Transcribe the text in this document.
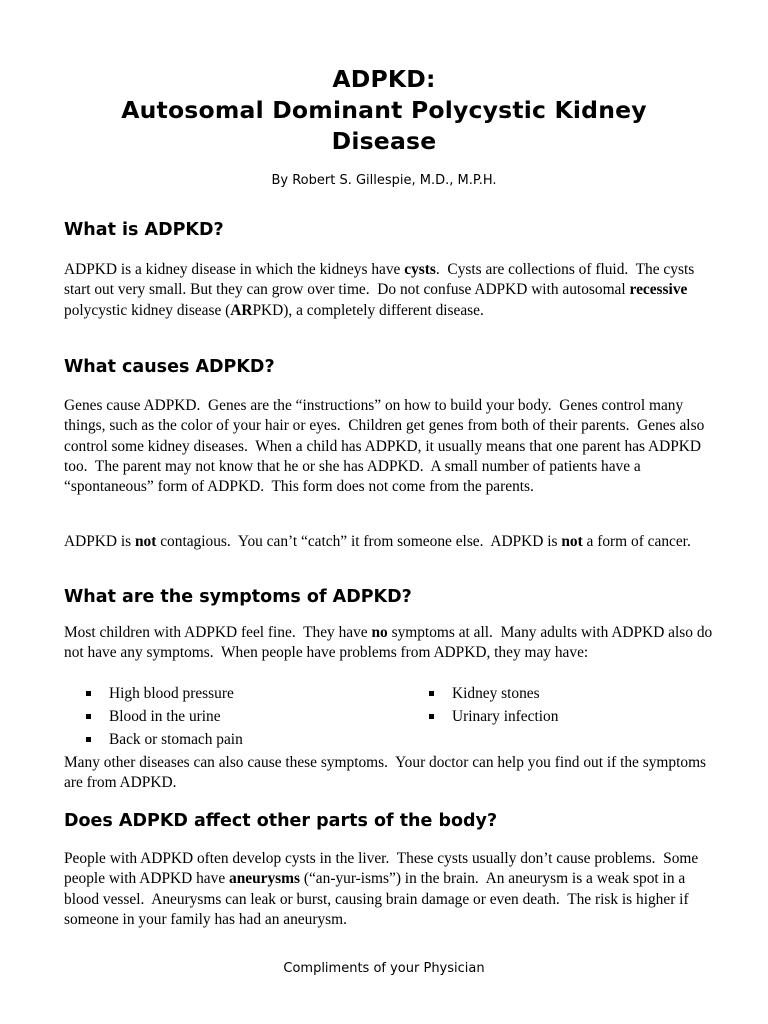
ADPKD:

Autosomal Dominant Polycystic Kidney

Disease

By Robert S. Gillespie, M.D., M.P.H.
What is ADPKD?

ADPKD is a kidney disease in which the kidneys have cysts.  Cysts are collections of fluid.  The cysts start out very small. But they can grow over time.  Do not confuse ADPKD with autosomal recessive polycystic kidney disease (ARPKD), a completely different disease.

What causes ADPKD?

Genes cause ADPKD.  Genes are the “instructions” on how to build your body.  Genes control many things, such as the color of your hair or eyes.  Children get genes from both of their parents.  Genes also control some kidney diseases.  When a child has ADPKD, it usually means that one parent has ADPKD too.  The parent may not know that he or she has ADPKD.  A small number of patients have a “spontaneous” form of ADPKD.  This form does not come from the parents.

ADPKD is not contagious.  You can’t “catch” it from someone else.  ADPKD is not a form of cancer.

What are the symptoms of ADPKD?

Most children with ADPKD feel fine.  They have no symptoms at all.  Many adults with ADPKD also do not have any symptoms.  When people have problems from ADPKD, they may have:

High blood pressure
Blood in the urine
Back or stomach pain
Kidney stones
Urinary infection

Many other diseases can also cause these symptoms.  Your doctor can help you find out if the symptoms are from ADPKD.

Does ADPKD affect other parts of the body?

People with ADPKD often develop cysts in the liver.  These cysts usually don’t cause problems.  Some people with ADPKD have aneurysms (“an-yur-isms”) in the brain.  An aneurysm is a weak spot in a blood vessel.  Aneurysms can leak or burst, causing brain damage or even death.  The risk is higher if someone in your family has had an aneurysm.

Compliments of your Physician
